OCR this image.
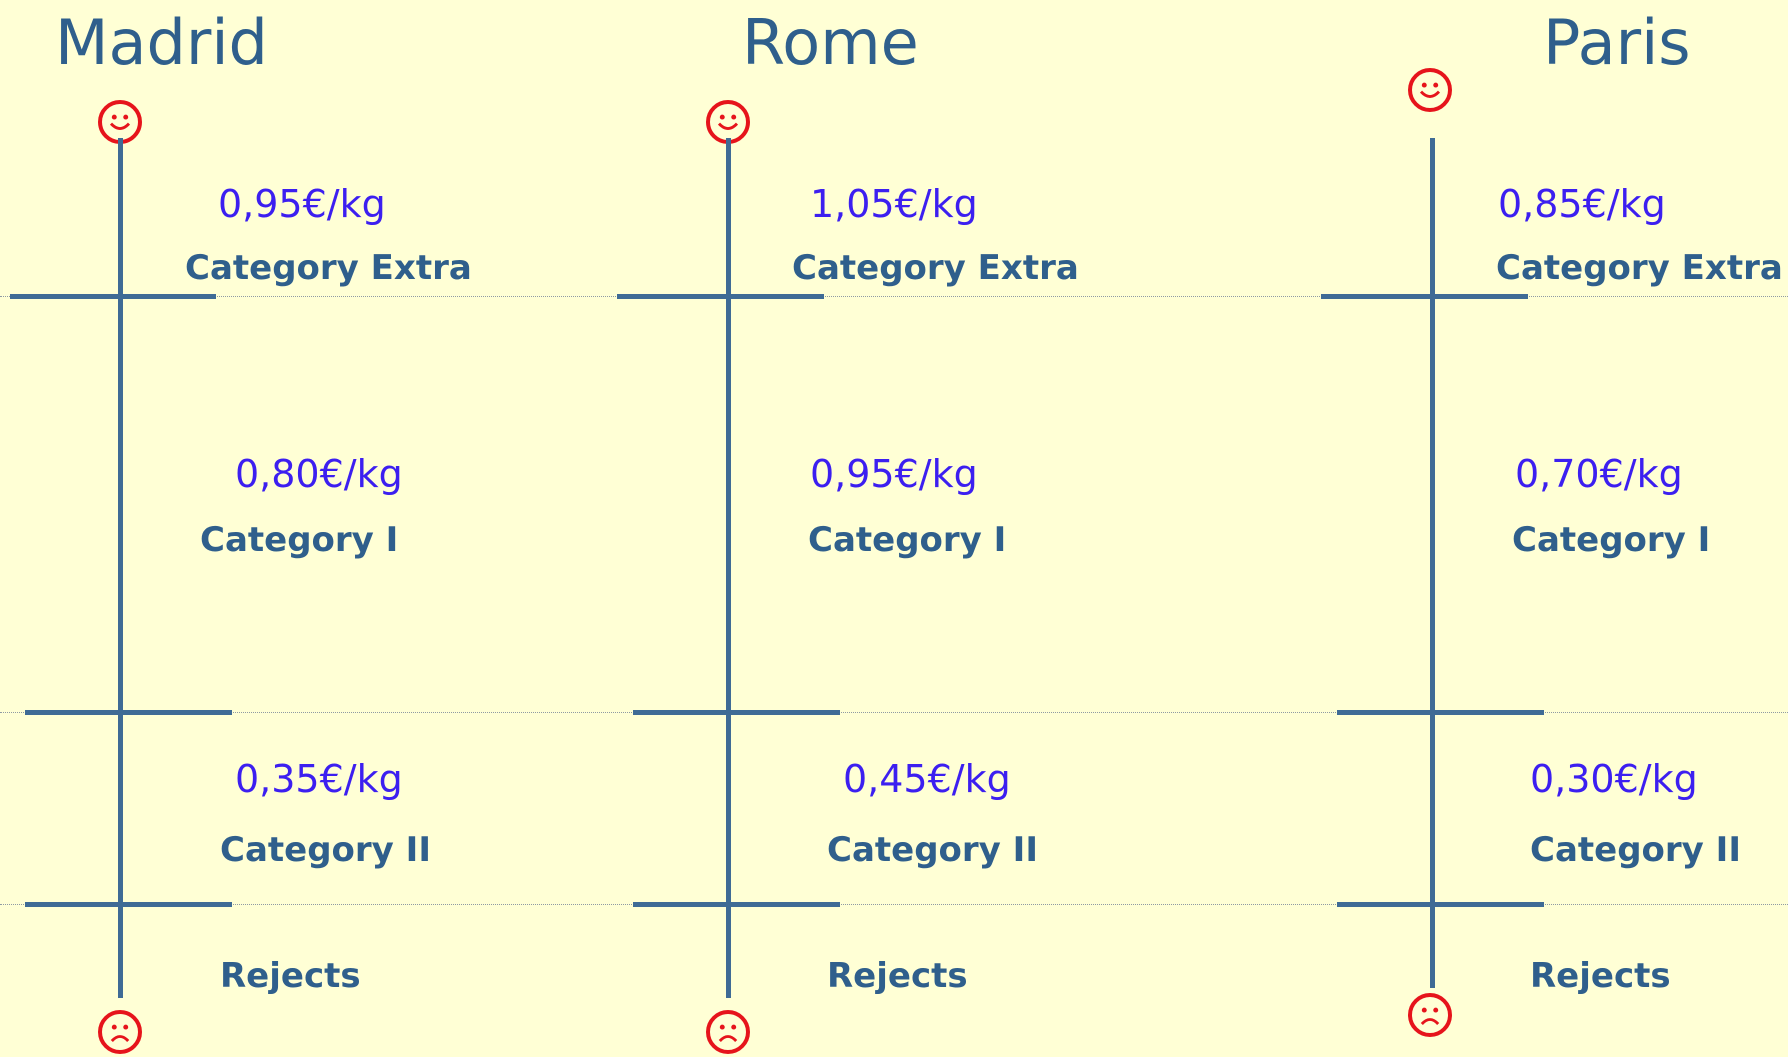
Madrid
0,95€/kg
Category Extra
0,80€/kg
Category I
0,35€/kg
Category II
Rejects
Rome
1,05€/kg
Category Extra
0,95€/kg
Category I
0,45€/kg
Category II
Rejects
Paris
0,85€/kg
Category Extra
0,70€/kg
Category I
0,30€/kg
Category II
Rejects
